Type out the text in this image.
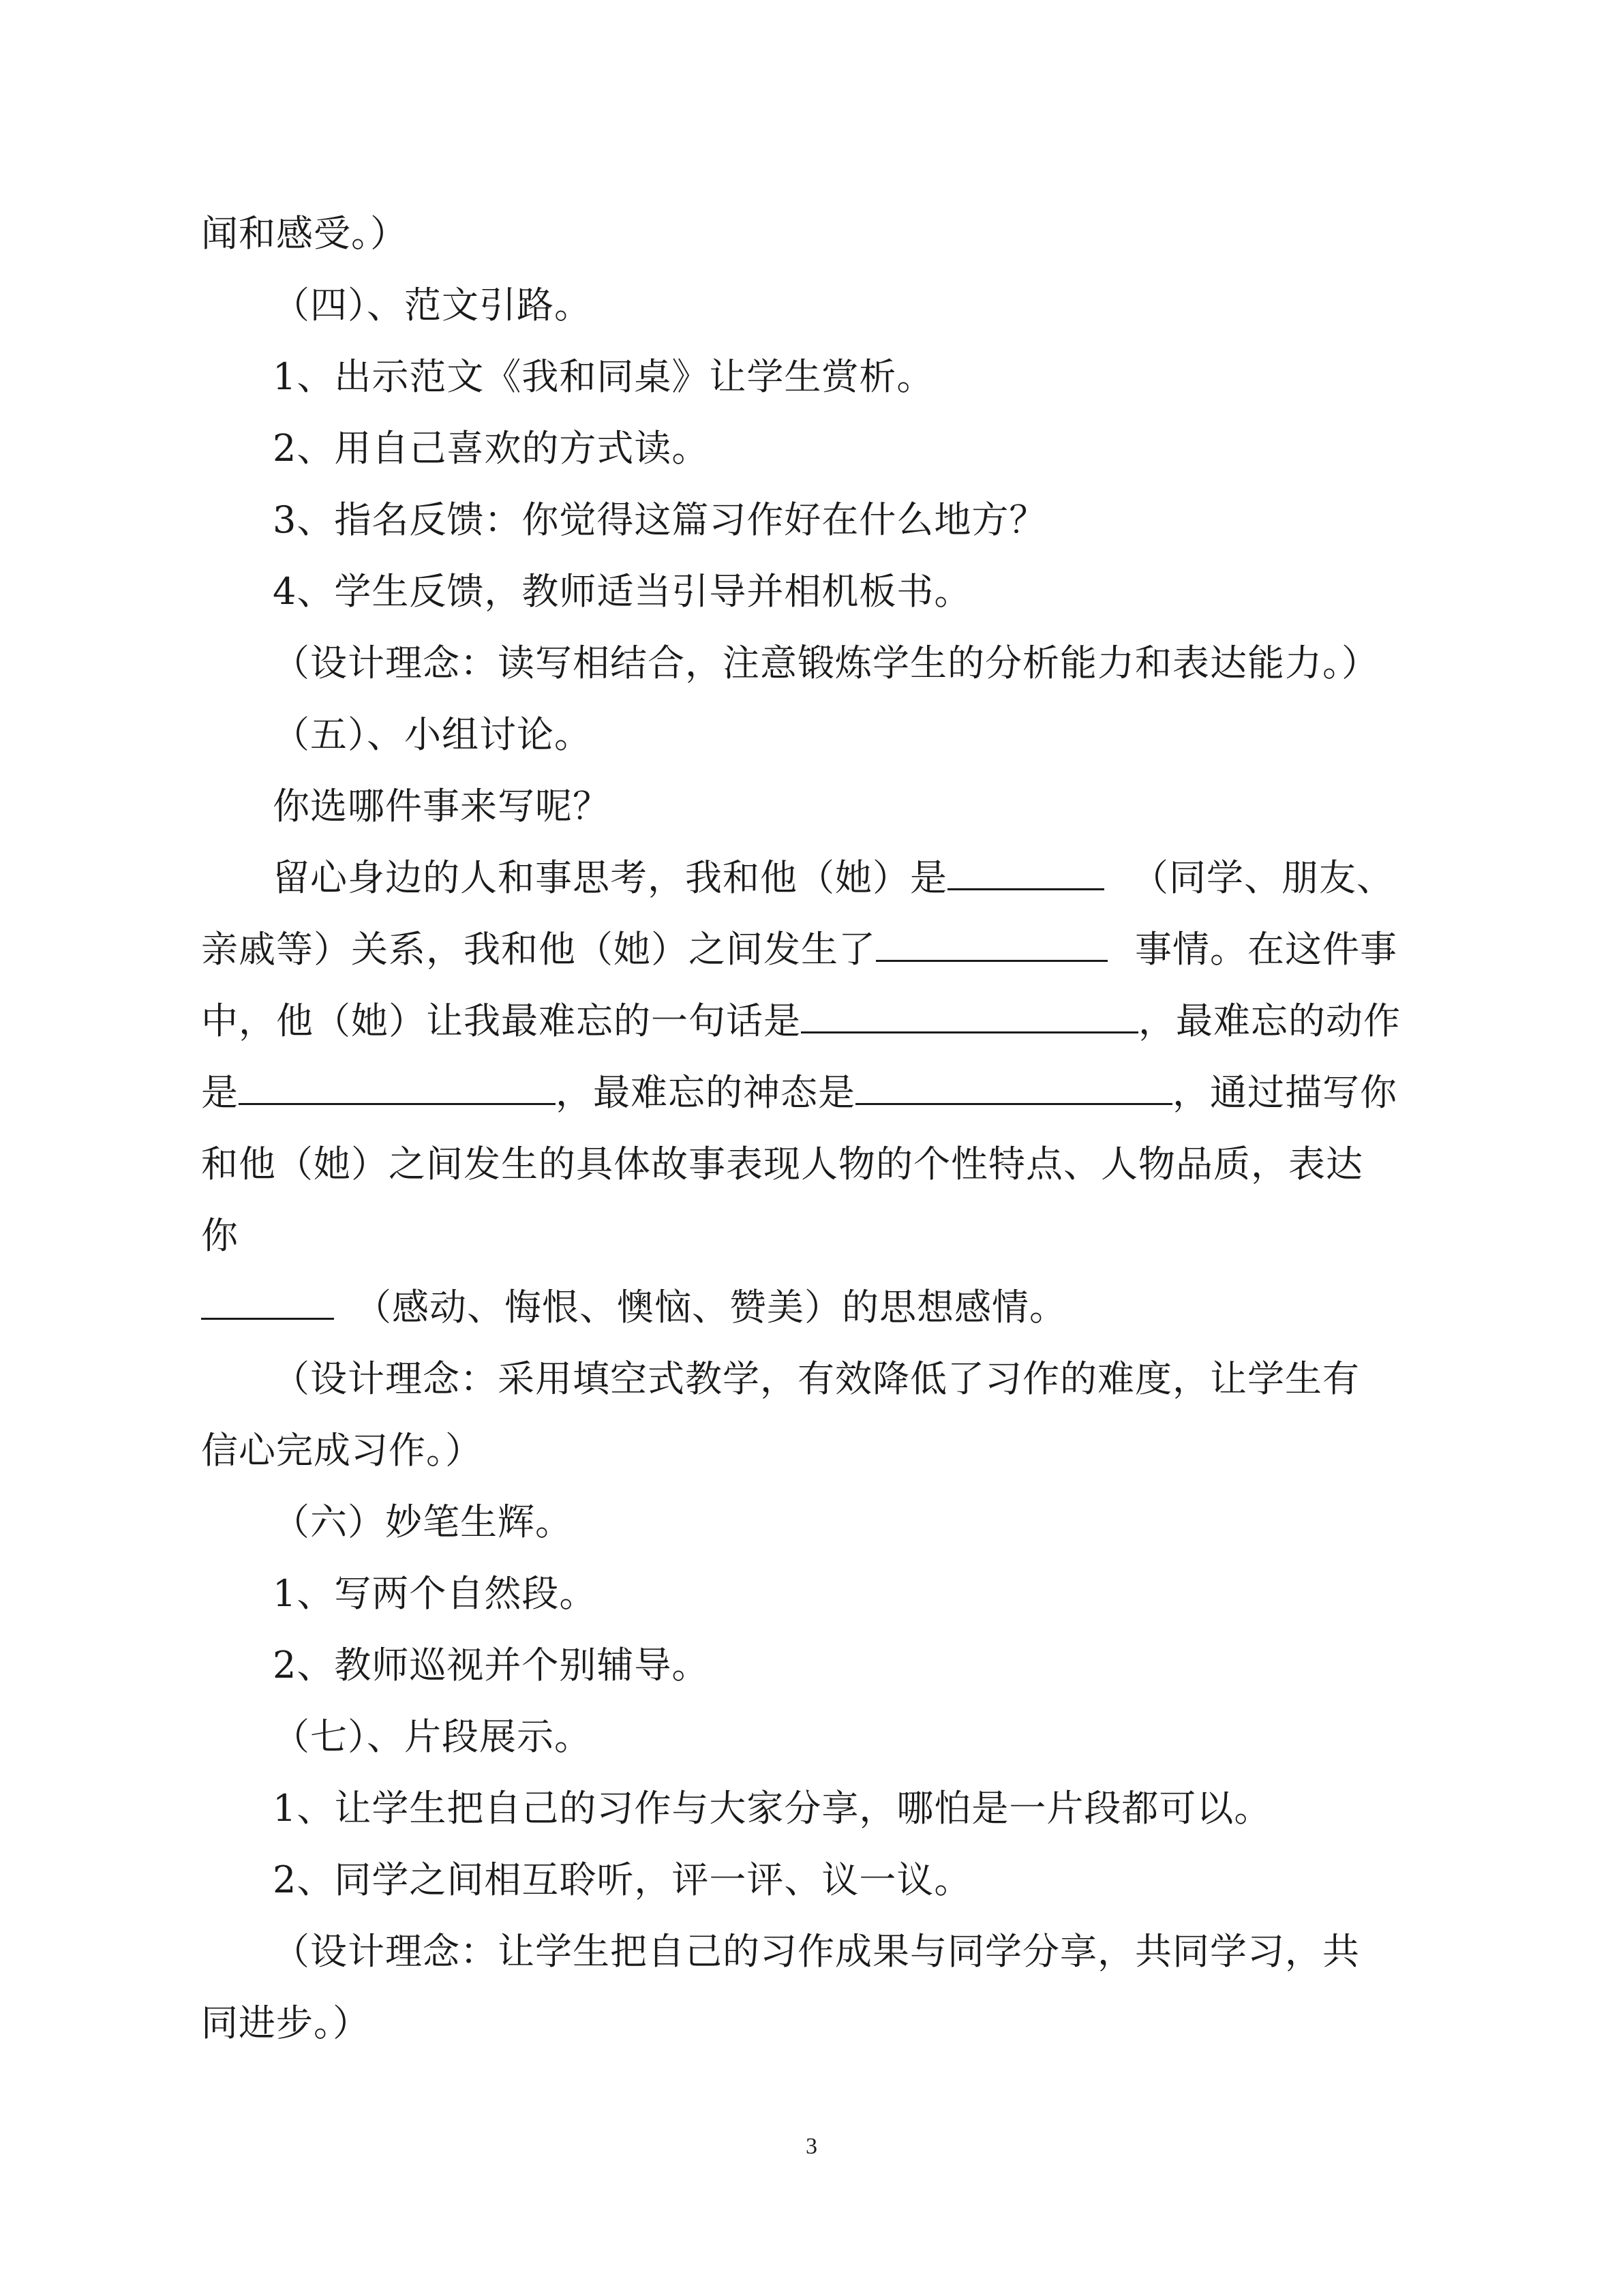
闻和感受。）
（四）、范文引路。
1、出示范文《我和同桌》让学生赏析。
2、用自己喜欢的方式读。
3、指名反馈：你觉得这篇习作好在什么地方？
4、学生反馈，教师适当引导并相机板书。
（设计理念：读写相结合，注意锻炼学生的分析能力和表达能力。）
（五）、小组讨论。
你选哪件事来写呢？
留心身边的人和事思考，我和他（她）是	（同学、朋友、
亲戚等）关系，我和他（她）之间发生了	事情。在这件事
中，他（她）让我最难忘的一句话是	，最难忘的动作
是	，最难忘的神态是	，通过描写你
和他（她）之间发生的具体故事表现人物的个性特点、人物品质，表达
你
（感动、悔恨、懊恼、赞美）的思想感情。
（设计理念：采用填空式教学，有效降低了习作的难度，让学生有
信心完成习作。）
（六）妙笔生辉。
1、写两个自然段。
2、教师巡视并个别辅导。
（七）、片段展示。
1、让学生把自己的习作与大家分享，哪怕是一片段都可以。
2、同学之间相互聆听，评一评、议一议。
（设计理念：让学生把自己的习作成果与同学分享，共同学习，共
同进步。）
3
